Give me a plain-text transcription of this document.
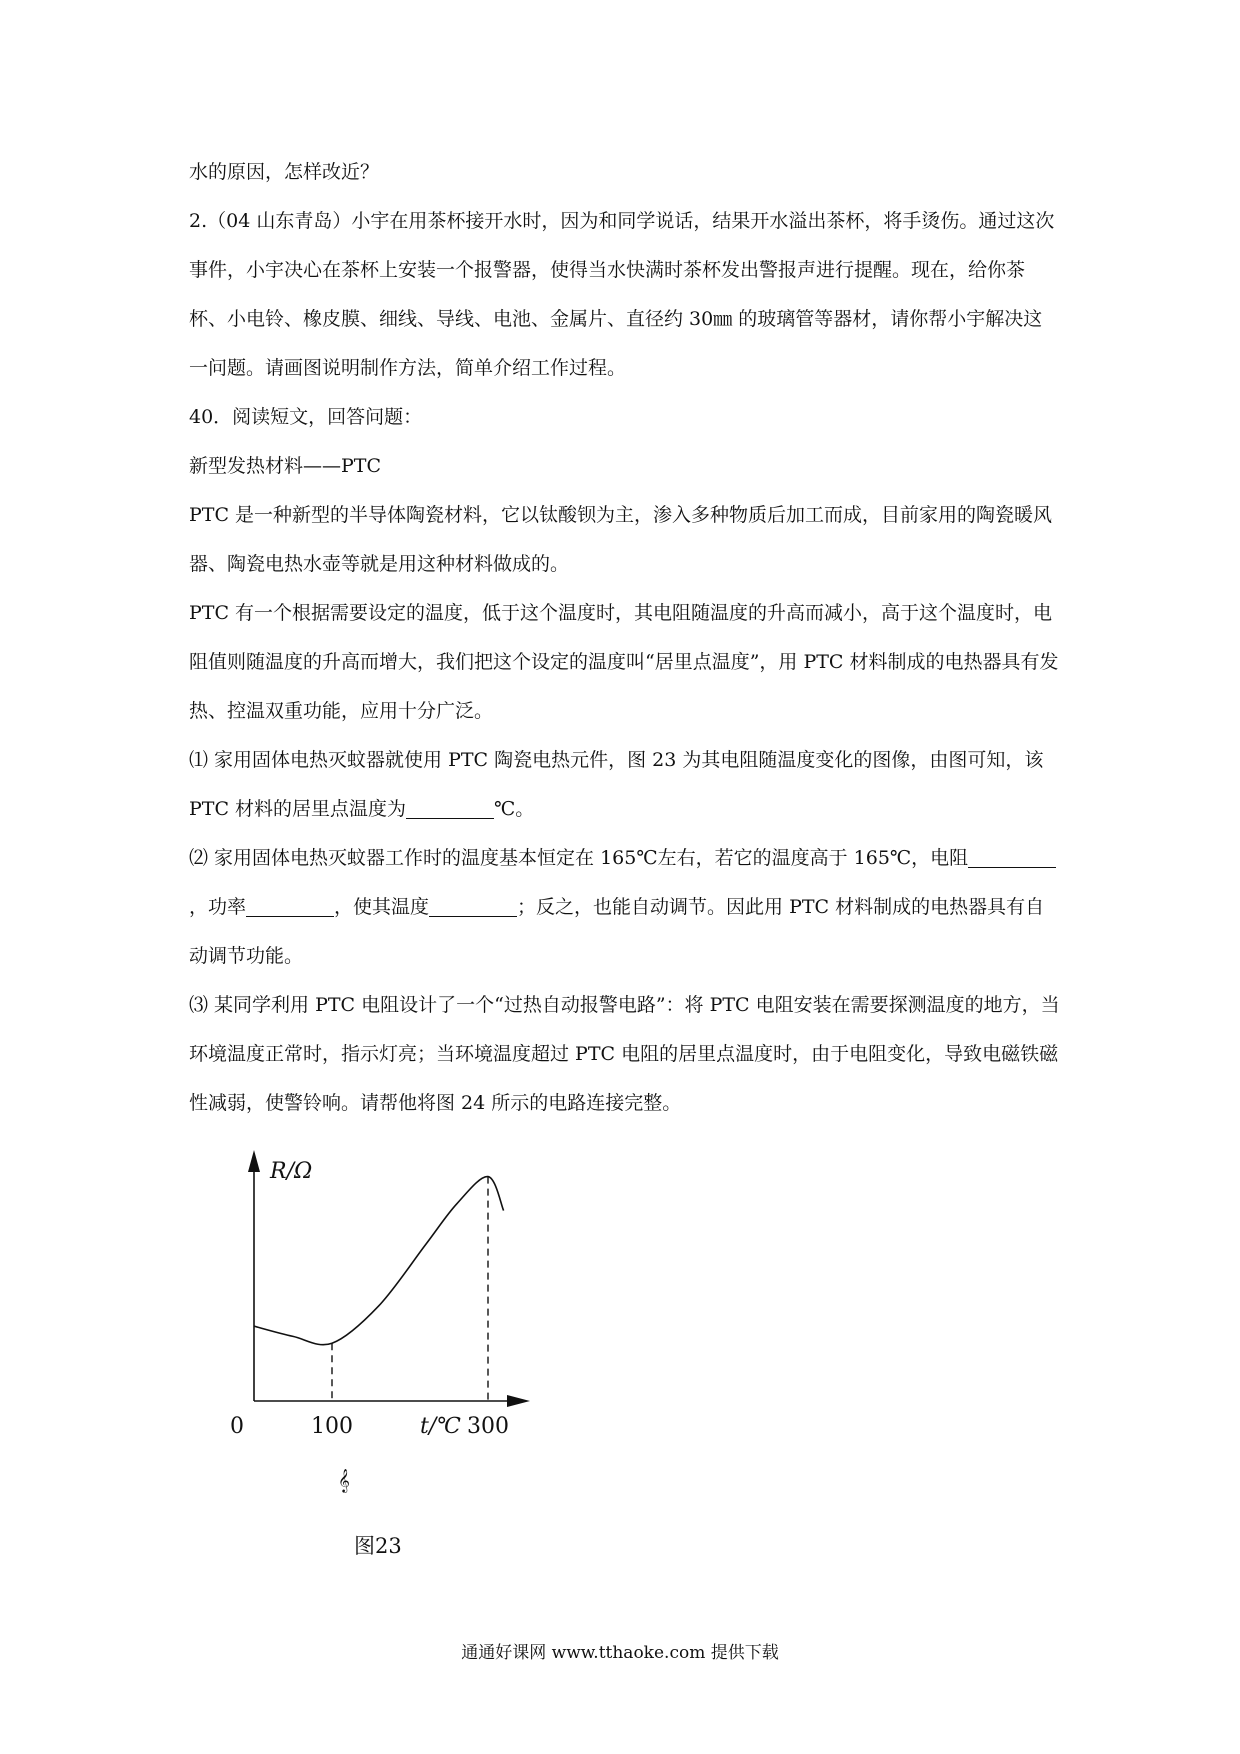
水的原因，怎样改近？

2.（04 山东青岛）小宇在用茶杯接开水时，因为和同学说话，结果开水溢出茶杯，将手烫伤。通过这次事件，小宇决心在茶杯上安装一个报警器，使得当水快满时茶杯发出警报声进行提醒。现在，给你茶杯、小电铃、橡皮膜、细线、导线、电池、金属片、直径约 30㎜ 的玻璃管等器材，请你帮小宇解决这一问题。请画图说明制作方法，简单介绍工作过程。

40．阅读短文，回答问题：

新型发热材料——PTC

PTC 是一种新型的半导体陶瓷材料，它以钛酸钡为主，渗入多种物质后加工而成，目前家用的陶瓷暖风器、陶瓷电热水壶等就是用这种材料做成的。

PTC 有一个根据需要设定的温度，低于这个温度时，其电阻随温度的升高而减小，高于这个温度时，电阻值则随温度的升高而增大，我们把这个设定的温度叫“居里点温度”，用 PTC 材料制成的电热器具有发热、控温双重功能，应用十分广泛。

⑴ 家用固体电热灭蚊器就使用 PTC 陶瓷电热元件，图 23 为其电阻随温度变化的图像，由图可知，该 PTC 材料的居里点温度为	℃。

⑵ 家用固体电热灭蚊器工作时的温度基本恒定在 165℃左右，若它的温度高于 165℃，电阻，功率	，使其温度	；反之，也能自动调节。因此用 PTC 材料制成的电热器具有自动调节功能。

⑶ 某同学利用 PTC 电阻设计了一个“过热自动报警电路”：将 PTC 电阻安装在需要探测温度的地方，当环境温度正常时，指示灯亮；当环境温度超过 PTC 电阻的居里点温度时，由于电阻变化，导致电磁铁磁性减弱，使警铃响。请帮他将图 24 所示的电路连接完整。

R/Ω
0	100	300
t/℃
𝄞
图23
通通好课网 www.tthaoke.com 提供下载
